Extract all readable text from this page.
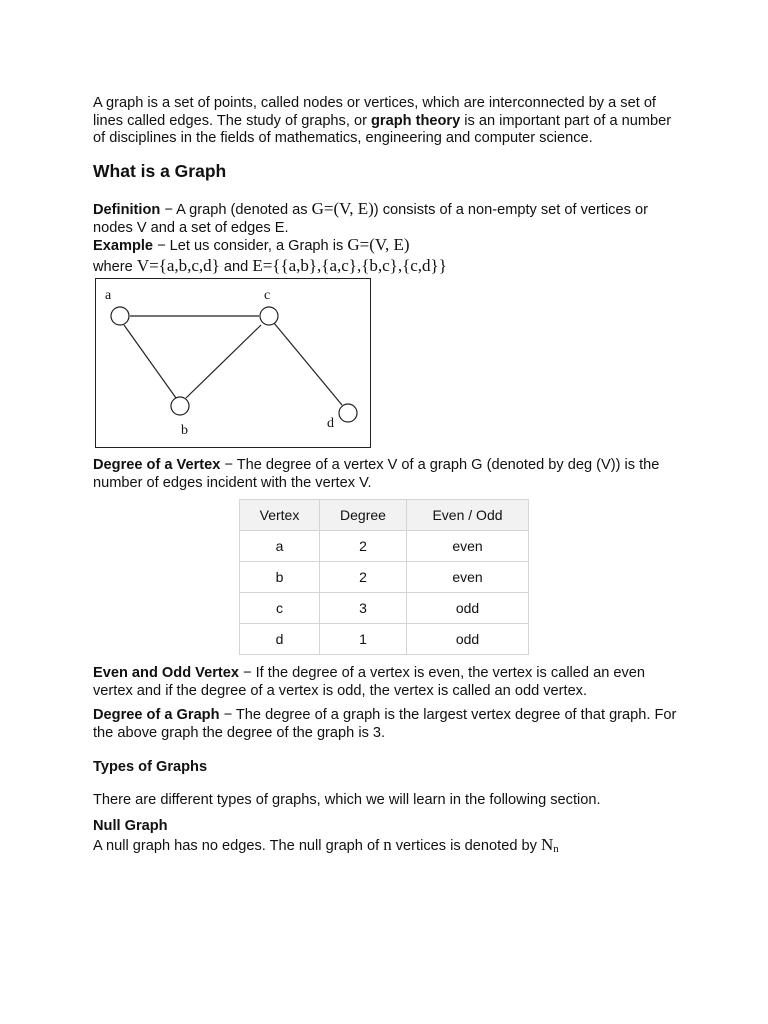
A graph is a set of points, called nodes or vertices, which are interconnected by a set of lines called edges. The study of graphs, or graph theory is an important part of a number of disciplines in the fields of mathematics, engineering and computer science.
What is a Graph
Definition − A graph (denoted as G=(V, E)) consists of a non-empty set of vertices or nodes V and a set of edges E.
Example − Let us consider, a Graph is G=(V, E)
where V={a,b,c,d} and E={{a,b},{a,c},{b,c},{c,d}}
a	c
b	d
Degree of a Vertex − The degree of a vertex V of a graph G (denoted by deg (V)) is the number of edges incident with the vertex V.
Vertex	Degree	Even / Odd
a	2	even
b	2	even
c	3	odd
d	1	odd
Even and Odd Vertex − If the degree of a vertex is even, the vertex is called an even vertex and if the degree of a vertex is odd, the vertex is called an odd vertex.
Degree of a Graph − The degree of a graph is the largest vertex degree of that graph. For the above graph the degree of the graph is 3.
Types of Graphs
There are different types of graphs, which we will learn in the following section.
Null Graph
A null graph has no edges. The null graph of n vertices is denoted by $N_n$
